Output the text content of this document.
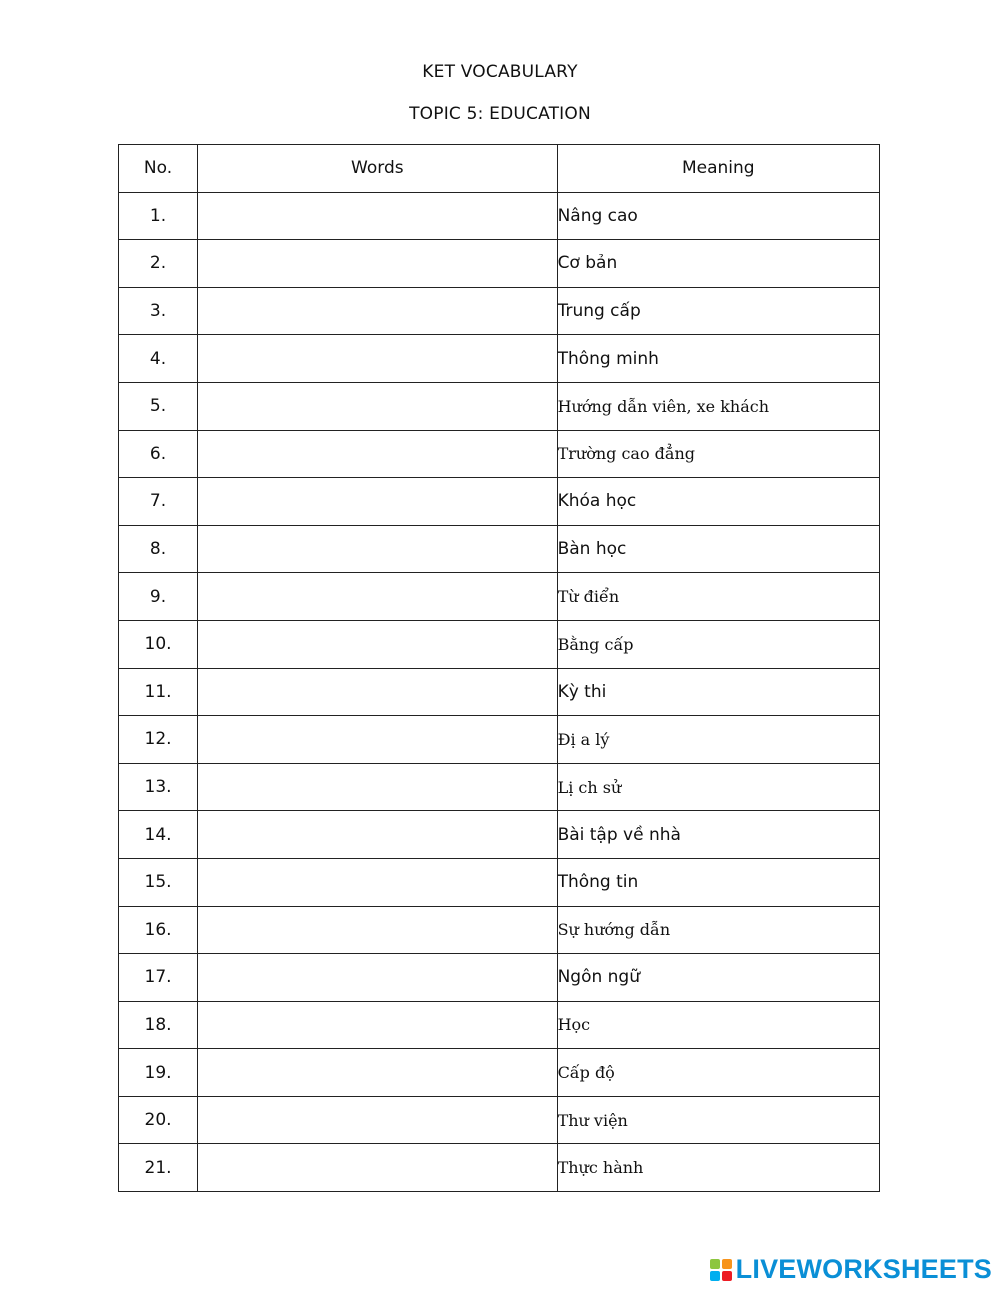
KET VOCABULARY
TOPIC 5: EDUCATION
No.	Words	Meaning
1.		Nâng cao
2.		Cơ bản
3.		Trung cấp
4.		Thông minh
5.		Hướng dẫn viên, xe khách
6.		Trường cao đẳng
7.		Khóa học
8.		Bàn học
9.		Từ điển
10.		Bằng cấp
11.		Kỳ thi
12.		Đị a lý
13.		Lị ch sử
14.		Bài tập về nhà
15.		Thông tin
16.		Sự hướng dẫn
17.		Ngôn ngữ
18.		Học
19.		Cấp độ
20.		Thư viện
21.		Thực hành
LIVEWORKSHEETS
